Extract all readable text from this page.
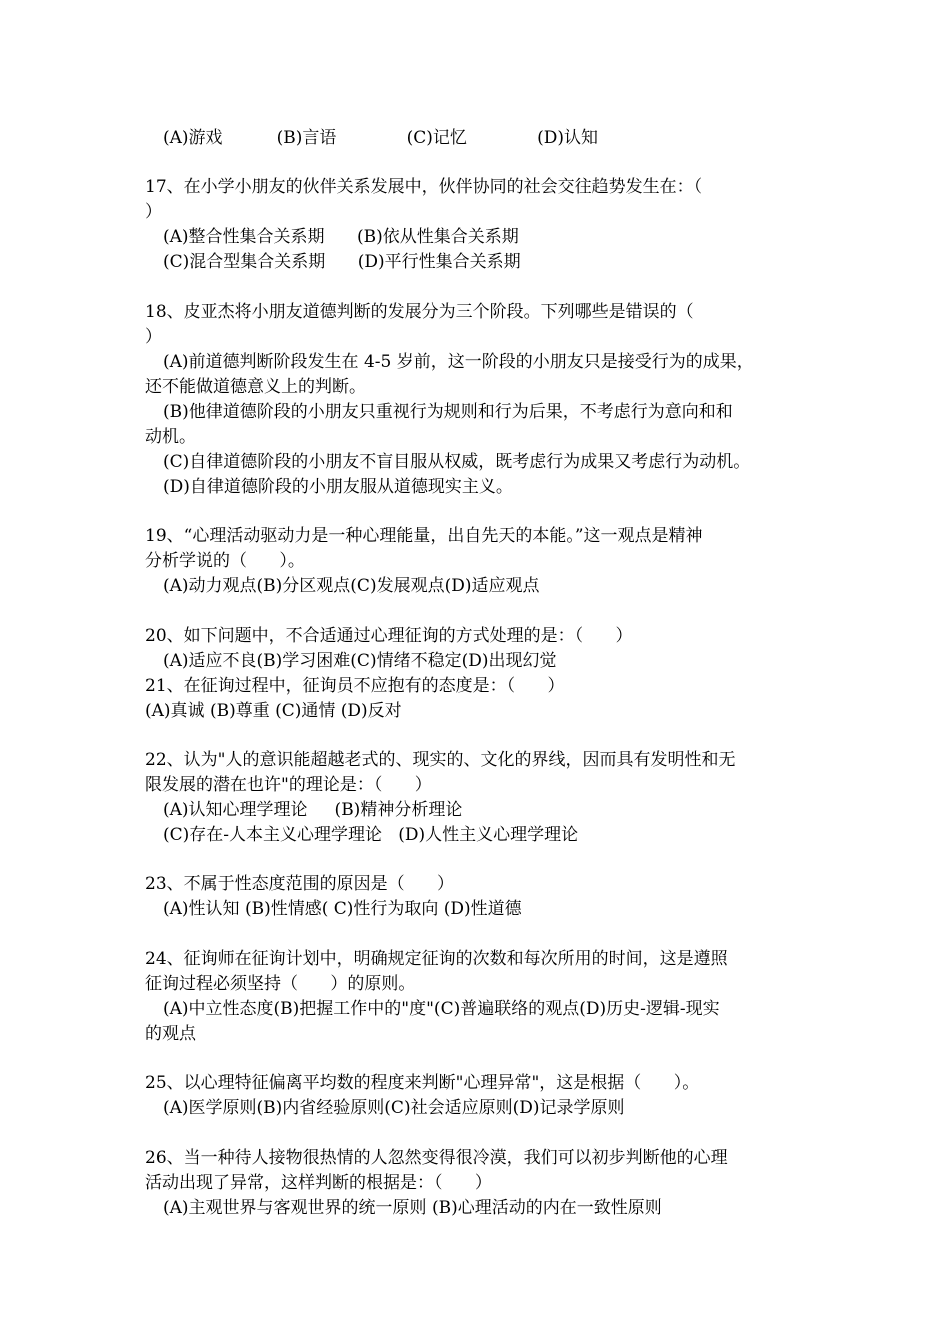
(A)游戏          (B)言语             (C)记忆             (D)认知
17、在小学小朋友的伙伴关系发展中，伙伴协同的社会交往趋势发生在：（
）
(A)整合性集合关系期      (B)依从性集合关系期
(C)混合型集合关系期      (D)平行性集合关系期
18、皮亚杰将小朋友道德判断的发展分为三个阶段。下列哪些是错误的（
）
(A)前道德判断阶段发生在 4-5 岁前，这一阶段的小朋友只是接受行为的成果，
还不能做道德意义上的判断。
(B)他律道德阶段的小朋友只重视行为规则和行为后果，不考虑行为意向和和
动机。
(C)自律道德阶段的小朋友不盲目服从权威，既考虑行为成果又考虑行为动机。
(D)自律道德阶段的小朋友服从道德现实主义。
19、“心理活动驱动力是一种心理能量，出自先天的本能。”这一观点是精神
分析学说的（      ）。
(A)动力观点(B)分区观点(C)发展观点(D)适应观点
20、如下问题中，不合适通过心理征询的方式处理的是：（      ）
(A)适应不良(B)学习困难(C)情绪不稳定(D)出现幻觉
21、在征询过程中，征询员不应抱有的态度是：（      ）
(A)真诚 (B)尊重 (C)通情 (D)反对
22、认为"人的意识能超越老式的、现实的、文化的界线，因而具有发明性和无
限发展的潜在也许"的理论是：（      ）
(A)认知心理学理论     (B)精神分析理论
(C)存在-人本主义心理学理论   (D)人性主义心理学理论
23、不属于性态度范围的原因是（      ）
(A)性认知 (B)性情感( C)性行为取向 (D)性道德
24、征询师在征询计划中，明确规定征询的次数和每次所用的时间，这是遵照
征询过程必须坚持（      ）的原则。
(A)中立性态度(B)把握工作中的"度"(C)普遍联络的观点(D)历史-逻辑-现实
的观点
25、以心理特征偏离平均数的程度来判断"心理异常"，这是根据（      ）。
(A)医学原则(B)内省经验原则(C)社会适应原则(D)记录学原则
26、当一种待人接物很热情的人忽然变得很冷漠，我们可以初步判断他的心理
活动出现了异常，这样判断的根据是：（      ）
(A)主观世界与客观世界的统一原则 (B)心理活动的内在一致性原则
